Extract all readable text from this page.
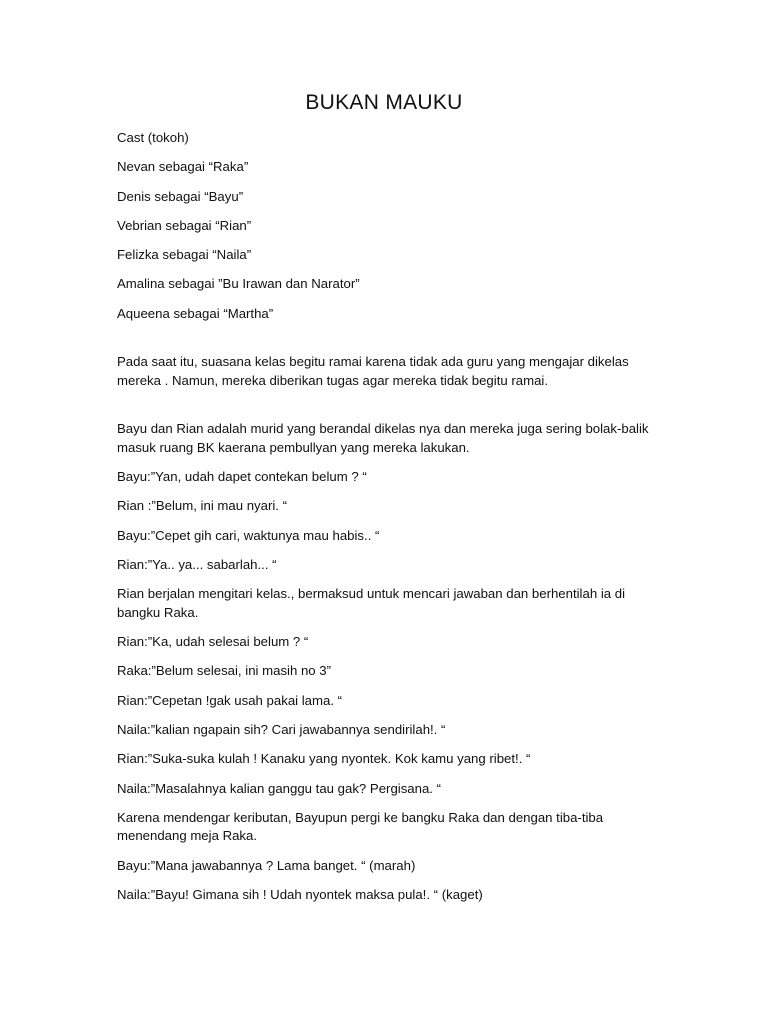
BUKAN MAUKU

Cast (tokoh)

Nevan sebagai “Raka”

Denis sebagai “Bayu”

Vebrian sebagai “Rian”

Felizka sebagai “Naila”

Amalina sebagai ”Bu Irawan dan Narator”

Aqueena sebagai “Martha”

Pada saat itu, suasana kelas begitu ramai karena tidak ada guru yang mengajar dikelas mereka . Namun, mereka diberikan tugas agar mereka tidak begitu ramai.

Bayu dan Rian adalah murid yang berandal dikelas nya dan mereka juga sering bolak-balik masuk ruang BK kaerana pembullyan yang mereka lakukan.

Bayu:”Yan, udah dapet contekan belum ? “

Rian :”Belum, ini mau nyari. “

Bayu:”Cepet gih cari, waktunya mau habis.. “

Rian:”Ya.. ya... sabarlah... “

Rian berjalan mengitari kelas., bermaksud untuk mencari jawaban dan berhentilah ia di bangku Raka.

Rian:”Ka, udah selesai belum ? “

Raka:”Belum selesai, ini masih no 3”

Rian:”Cepetan !gak usah pakai lama. “

Naila:”kalian ngapain sih? Cari jawabannya sendirilah!. “

Rian:”Suka-suka kulah ! Kanaku yang nyontek. Kok kamu yang ribet!. “

Naila:”Masalahnya kalian ganggu tau gak? Pergisana. “

Karena mendengar keributan, Bayupun pergi ke bangku Raka dan dengan tiba-tiba menendang meja Raka.

Bayu:”Mana jawabannya ? Lama banget. “ (marah)

Naila:”Bayu! Gimana sih ! Udah nyontek maksa pula!. “ (kaget)
